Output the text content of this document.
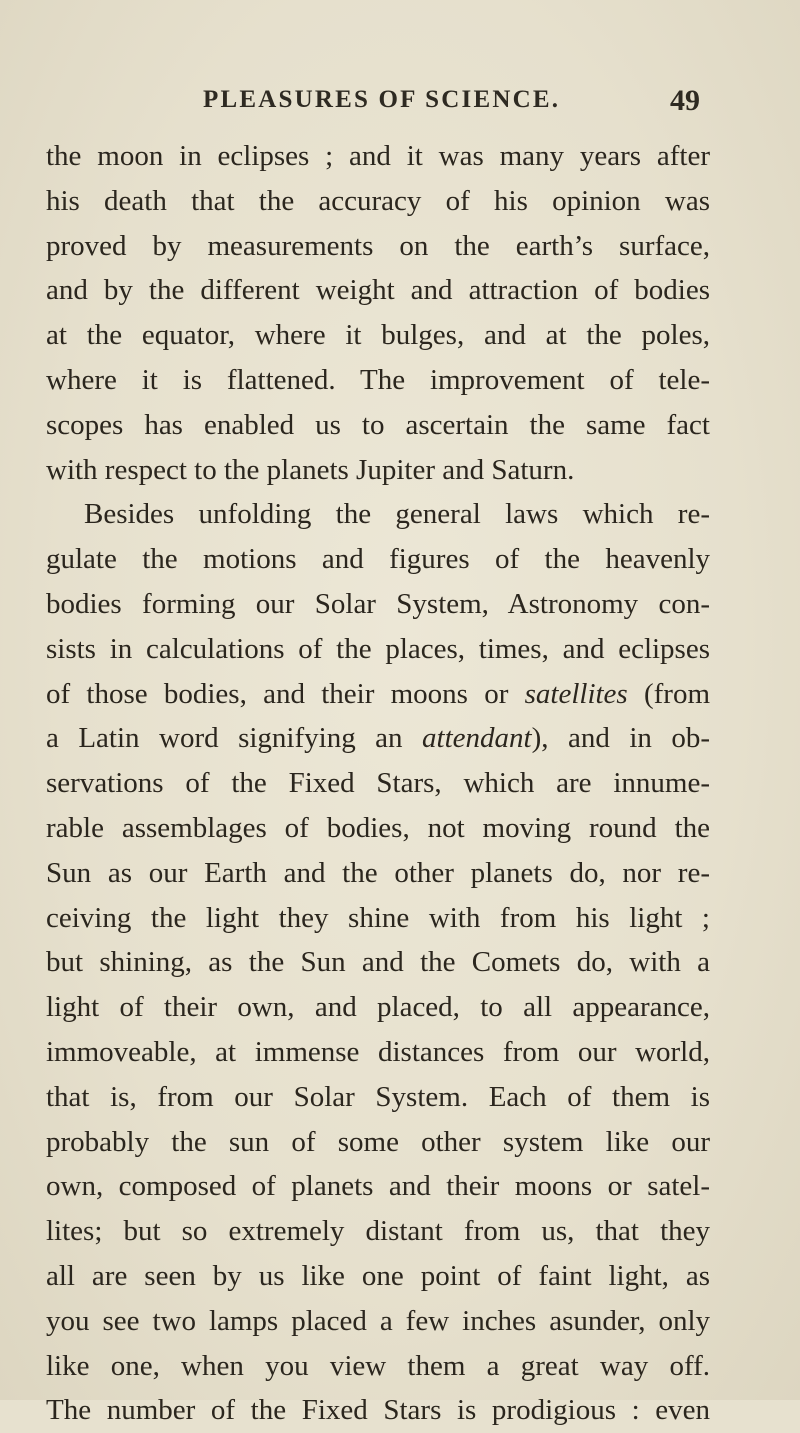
PLEASURES OF SCIENCE.	49
the moon in eclipses ; and it was many years after
his death that the accuracy of his opinion was
proved by measurements on the earth’s surface,
and by the different weight and attraction of bodies
at the equator, where it bulges, and at the poles,
where it is flattened. The improvement of tele-
scopes has enabled us to ascertain the same fact
with respect to the planets Jupiter and Saturn.
Besides unfolding the general laws which re-
gulate the motions and figures of the heavenly
bodies forming our Solar System, Astronomy con-
sists in calculations of the places, times, and eclipses
of those bodies, and their moons or satellites (from
a Latin word signifying an attendant), and in ob-
servations of the Fixed Stars, which are innume-
rable assemblages of bodies, not moving round the
Sun as our Earth and the other planets do, nor re-
ceiving the light they shine with from his light ;
but shining, as the Sun and the Comets do, with a
light of their own, and placed, to all appearance,
immoveable, at immense distances from our world,
that is, from our Solar System. Each of them is
probably the sun of some other system like our
own, composed of planets and their moons or satel-
lites; but so extremely distant from us, that they
all are seen by us like one point of faint light, as
you see two lamps placed a few inches asunder, only
like one, when you view them a great way off.
The number of the Fixed Stars is prodigious : even
